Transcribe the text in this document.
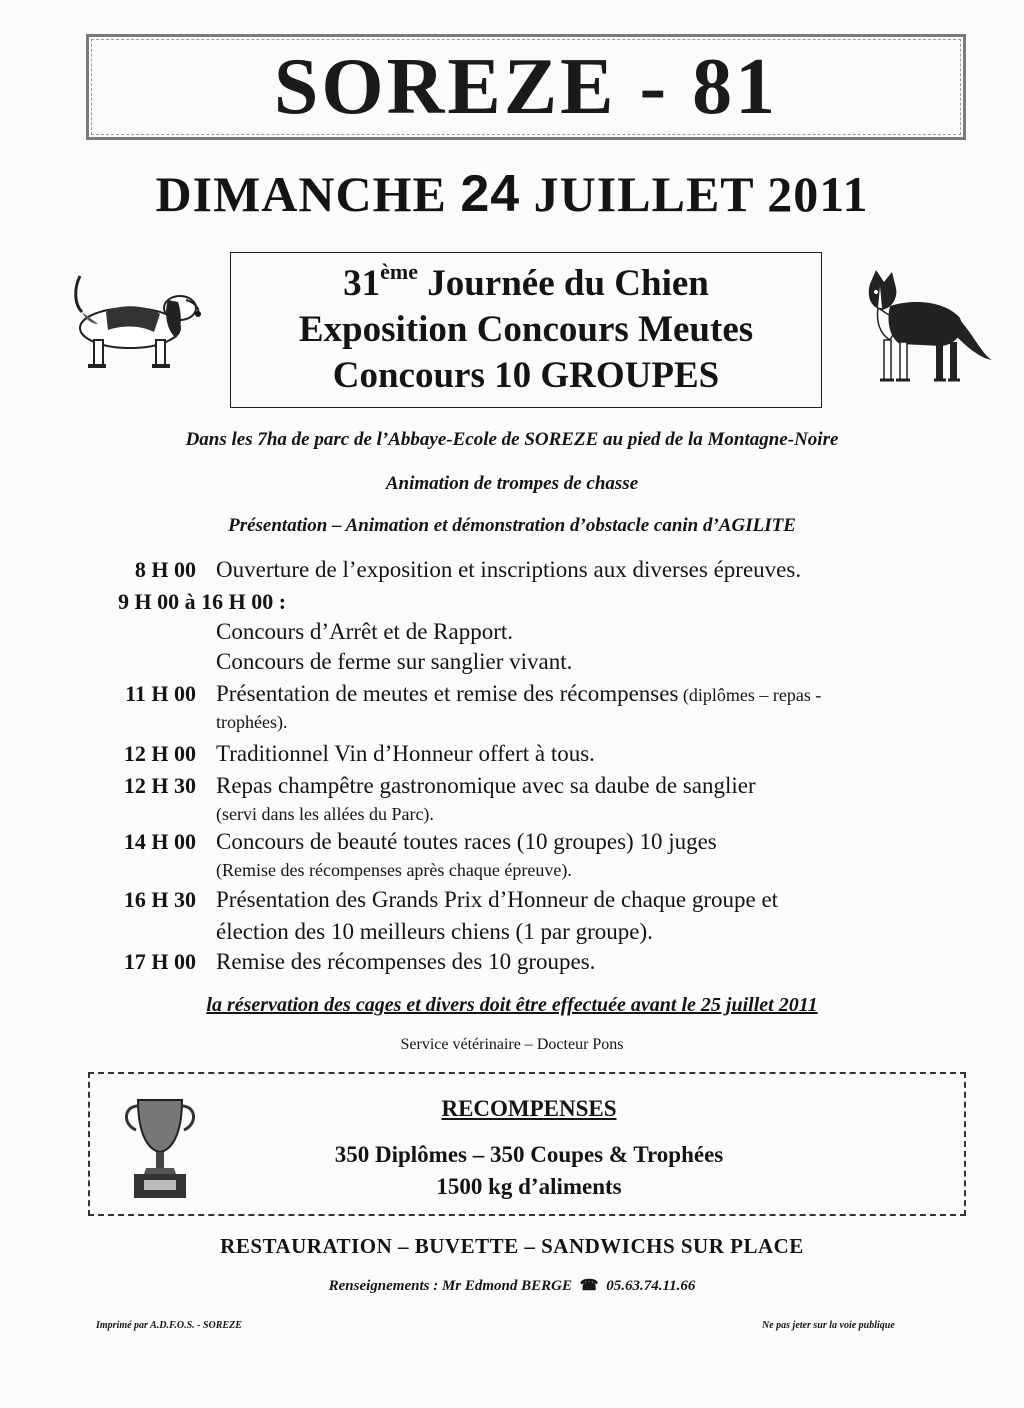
SOREZE - 81
DIMANCHE 24 JUILLET 2011
31ème Journée du Chien
Exposition Concours Meutes
Concours 10 GROUPES
Dans les 7ha de parc de l’Abbaye-Ecole de SOREZE au pied de la Montagne-Noire
Animation de trompes de chasse
Présentation – Animation et démonstration d’obstacle canin d’AGILITE
8 H 00 Ouverture de l’exposition et inscriptions aux diverses épreuves.
9 H 00 à 16 H 00 :
Concours d’Arrêt et de Rapport.
Concours de ferme sur sanglier vivant.
11 H 00 Présentation de meutes et remise des récompenses (diplômes – repas -
trophées).
12 H 00 Traditionnel Vin d’Honneur offert à tous.
12 H 30 Repas champêtre gastronomique avec sa daube de sanglier
(servi dans les allées du Parc).
14 H 00 Concours de beauté toutes races (10 groupes) 10 juges
(Remise des récompenses après chaque épreuve).
16 H 30 Présentation des Grands Prix d’Honneur de chaque groupe et
élection des 10 meilleurs chiens (1 par groupe).
17 H 00 Remise des récompenses des 10 groupes.
la réservation des cages et divers doit être effectuée avant le 25 juillet 2011
Service vétérinaire – Docteur Pons
RECOMPENSES
350 Diplômes – 350 Coupes & Trophées
1500 kg d’aliments
RESTAURATION – BUVETTE – SANDWICHS SUR PLACE
Renseignements : Mr Edmond BERGE ☎ 05.63.74.11.66
Imprimé par A.D.F.O.S. - SOREZE	Ne pas jeter sur la voie publique
